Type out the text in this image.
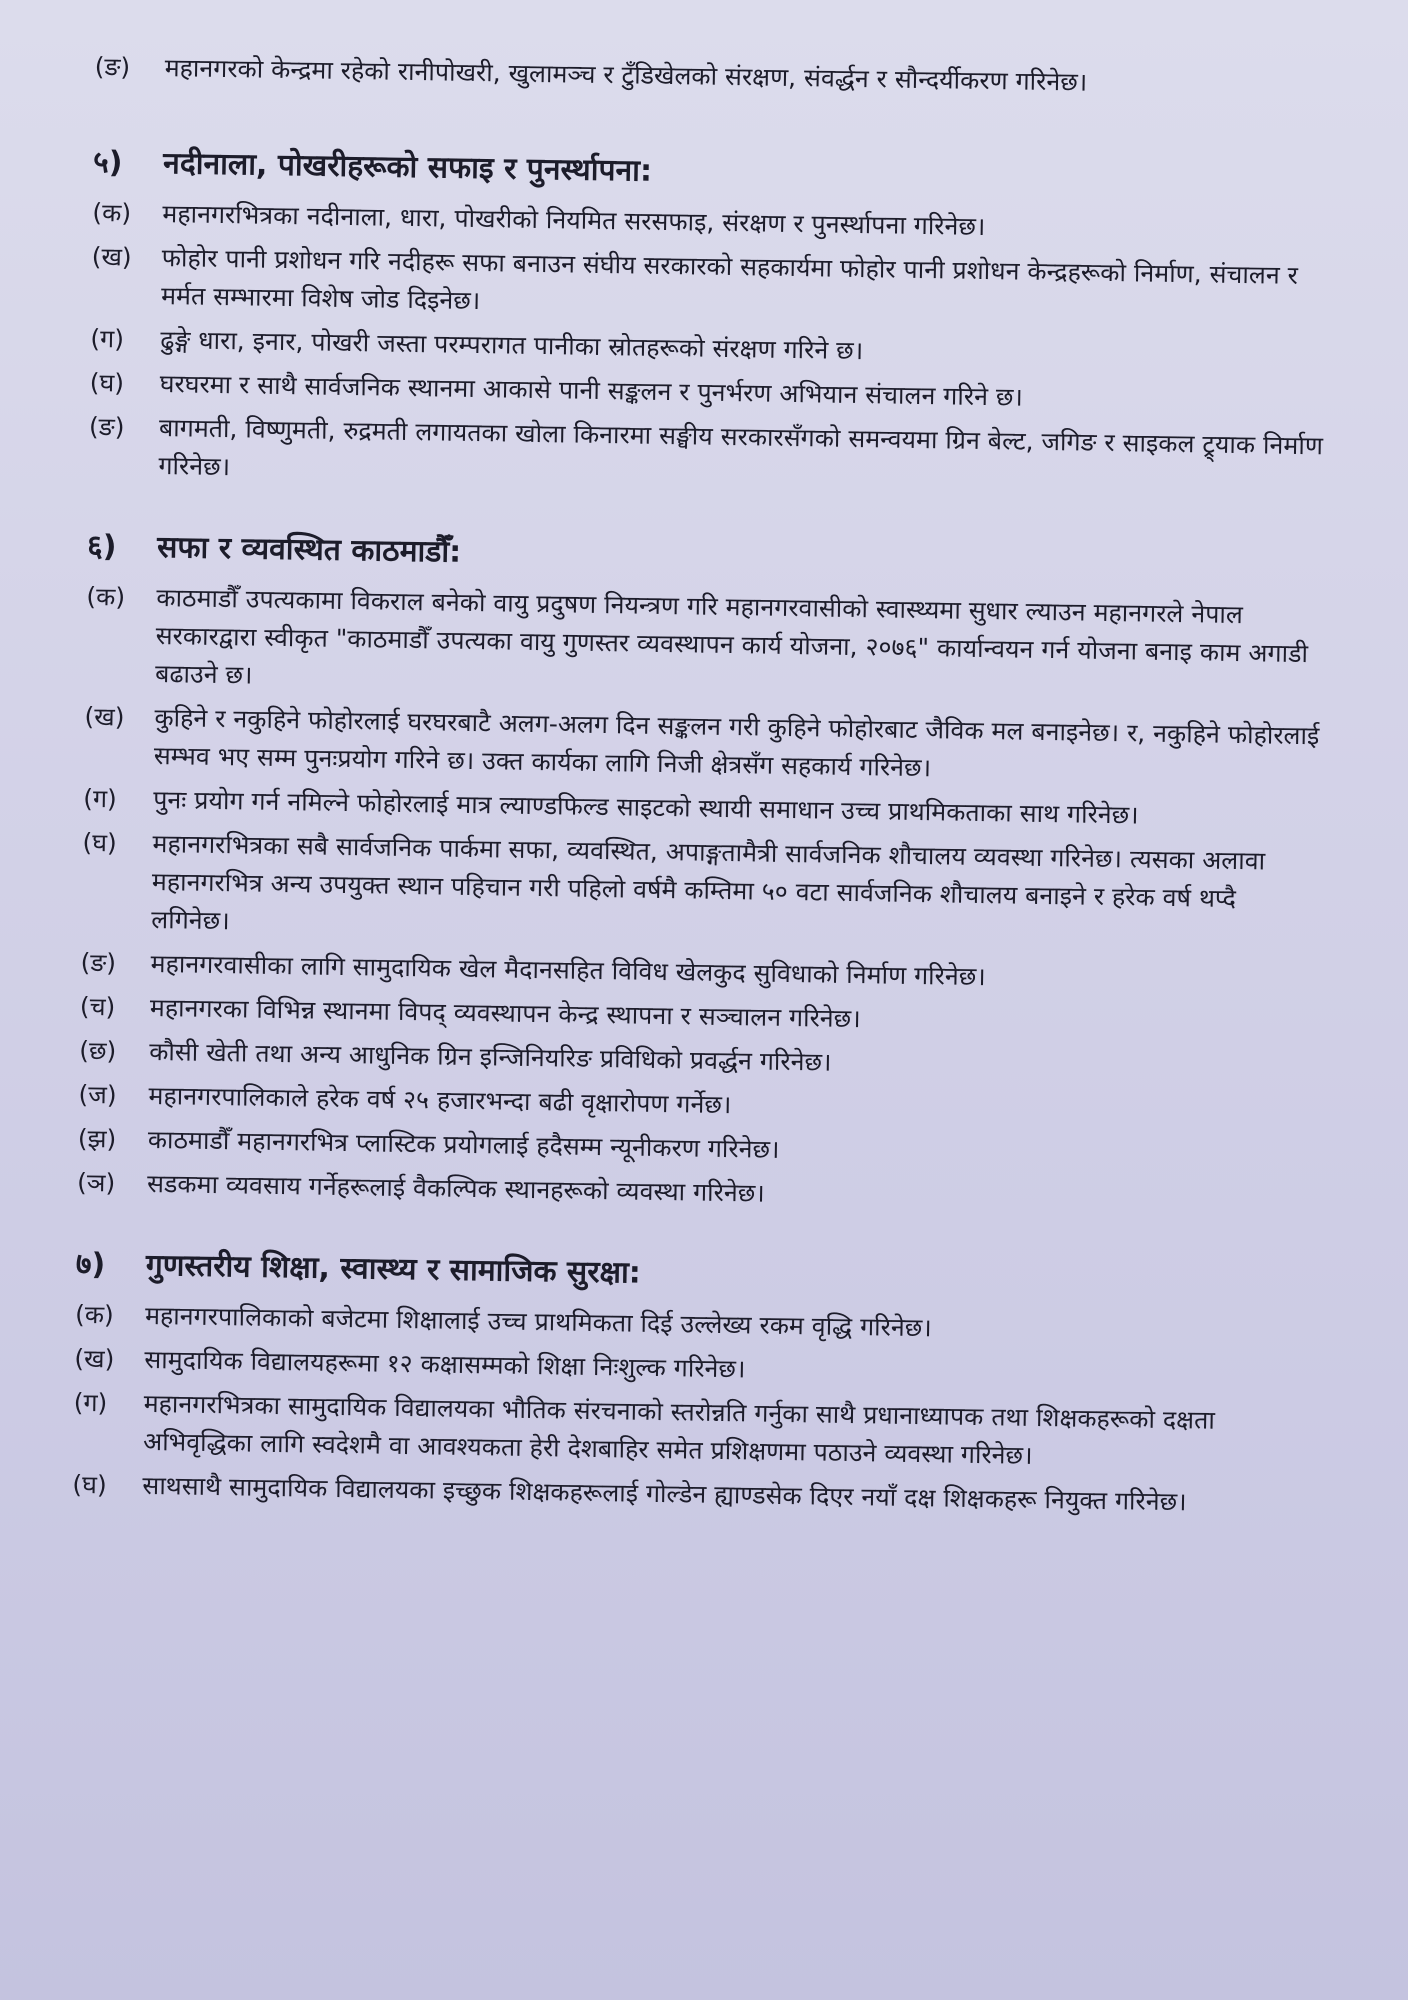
(ङ)	महानगरको केन्द्रमा रहेको रानीपोखरी, खुलामञ्च र टुँडिखेलको संरक्षण, संवर्द्धन र सौन्दर्यीकरण गरिनेछ।
५) नदीनाला, पोखरीहरूको सफाइ र पुनर्स्थापना:
(क)	महानगरभित्रका नदीनाला, धारा, पोखरीको नियमित सरसफाइ, संरक्षण र पुनर्स्थापना गरिनेछ।
(ख)	फोहोर पानी प्रशोधन गरि नदीहरू सफा बनाउन संघीय सरकारको सहकार्यमा फोहोर पानी प्रशोधन केन्द्रहरूको निर्माण, संचालन र मर्मत सम्भारमा विशेष जोड दिइनेछ।
(ग)	ढुङ्गे धारा, इनार, पोखरी जस्ता परम्परागत पानीका स्रोतहरूको संरक्षण गरिने छ।
(घ)	घरघरमा र साथै सार्वजनिक स्थानमा आकासे पानी सङ्कलन र पुनर्भरण अभियान संचालन गरिने छ।
(ङ)	बागमती, विष्णुमती, रुद्रमती लगायतका खोला किनारमा सङ्घीय सरकारसँगको समन्वयमा ग्रिन बेल्ट, जगिङ र साइकल ट्र्याक निर्माण गरिनेछ।
६) सफा र व्यवस्थित काठमाडौँ:
(क)	काठमाडौँ उपत्यकामा विकराल बनेको वायु प्रदुषण नियन्त्रण गरि महानगरवासीको स्वास्थ्यमा सुधार ल्याउन महानगरले नेपाल सरकारद्वारा स्वीकृत "काठमाडौँ उपत्यका वायु गुणस्तर व्यवस्थापन कार्य योजना, २०७६" कार्यान्वयन गर्न योजना बनाइ काम अगाडी बढाउने छ।
(ख)	कुहिने र नकुहिने फोहोरलाई घरघरबाटै अलग-अलग दिन सङ्कलन गरी कुहिने फोहोरबाट जैविक मल बनाइनेछ। र, नकुहिने फोहोरलाई सम्भव भए सम्म पुनःप्रयोग गरिने छ। उक्त कार्यका लागि निजी क्षेत्रसँग सहकार्य गरिनेछ।
(ग)	पुनः प्रयोग गर्न नमिल्ने फोहोरलाई मात्र ल्याण्डफिल्ड साइटको स्थायी समाधान उच्च प्राथमिकताका साथ गरिनेछ।
(घ)	महानगरभित्रका सबै सार्वजनिक पार्कमा सफा, व्यवस्थित, अपाङ्गतामैत्री सार्वजनिक शौचालय व्यवस्था गरिनेछ। त्यसका अलावा महानगरभित्र अन्य उपयुक्त स्थान पहिचान गरी पहिलो वर्षमै कम्तिमा ५० वटा सार्वजनिक शौचालय बनाइने र हरेक वर्ष थप्दै लगिनेछ।
(ङ)	महानगरवासीका लागि सामुदायिक खेल मैदानसहित विविध खेलकुद सुविधाको निर्माण गरिनेछ।
(च)	महानगरका विभिन्न स्थानमा विपद् व्यवस्थापन केन्द्र स्थापना र सञ्चालन गरिनेछ।
(छ)	कौसी खेती तथा अन्य आधुनिक ग्रिन इन्जिनियरिङ प्रविधिको प्रवर्द्धन गरिनेछ।
(ज)	महानगरपालिकाले हरेक वर्ष २५ हजारभन्दा बढी वृक्षारोपण गर्नेछ।
(झ)	काठमाडौँ महानगरभित्र प्लास्टिक प्रयोगलाई हदैसम्म न्यूनीकरण गरिनेछ।
(ञ)	सडकमा व्यवसाय गर्नेहरूलाई वैकल्पिक स्थानहरूको व्यवस्था गरिनेछ।
७) गुणस्तरीय शिक्षा, स्वास्थ्य र सामाजिक सुरक्षा:
(क)	महानगरपालिकाको बजेटमा शिक्षालाई उच्च प्राथमिकता दिई उल्लेख्य रकम वृद्धि गरिनेछ।
(ख)	सामुदायिक विद्यालयहरूमा १२ कक्षासम्मको शिक्षा निःशुल्क गरिनेछ।
(ग)	महानगरभित्रका सामुदायिक विद्यालयका भौतिक संरचनाको स्तरोन्नति गर्नुका साथै प्रधानाध्यापक तथा शिक्षकहरूको दक्षता अभिवृद्धिका लागि स्वदेशमै वा आवश्यकता हेरी देशबाहिर समेत प्रशिक्षणमा पठाउने व्यवस्था गरिनेछ।
(घ)	साथसाथै सामुदायिक विद्यालयका इच्छुक शिक्षकहरूलाई गोल्डेन ह्याण्डसेक दिएर नयाँ दक्ष शिक्षकहरू नियुक्त गरिनेछ।
